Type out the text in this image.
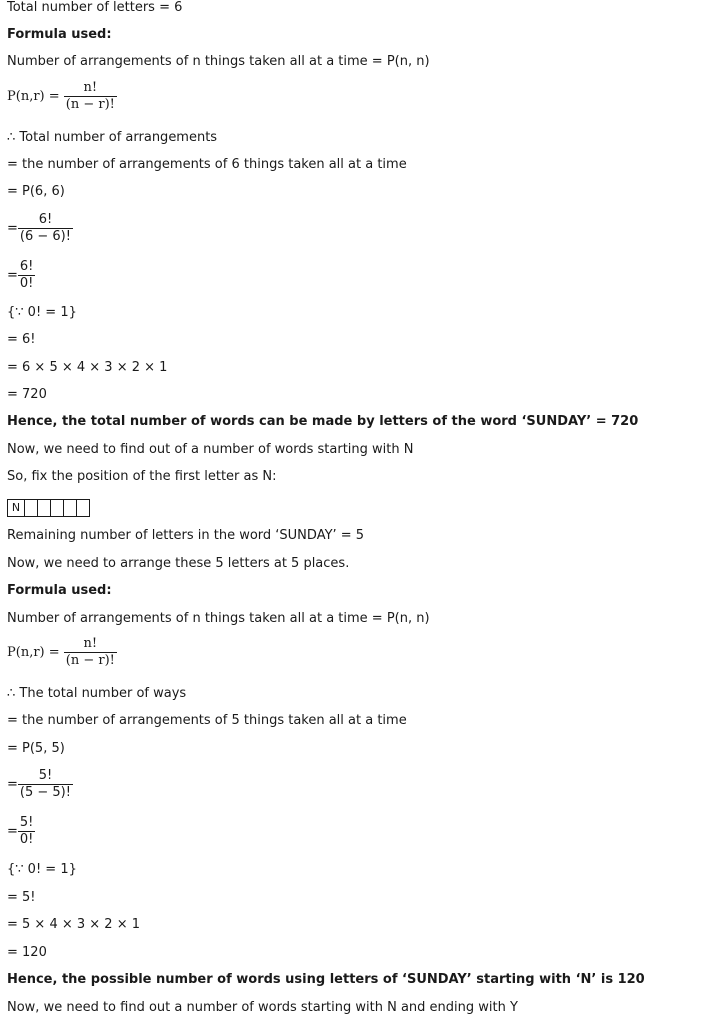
Total number of letters = 6
Formula used:
Number of arrangements of n things taken all at a time = P(n, n)
P(n,r) =
$\frac{n!}{(n - r)!}$
∴ Total number of arrangements
= the number of arrangements of 6 things taken all at a time
= P(6, 6)
= $\frac{6!}{(6 - 6)!}$
= $\frac{6!}{0!}$
{∵ 0! = 1}
= 6!
= 6 × 5 × 4 × 3 × 2 × 1
= 720
Hence, the total number of words can be made by letters of the word ‘SUNDAY’ = 720
Now, we need to find out of a number of words starting with N
So, fix the position of the first letter as N:
N
Remaining number of letters in the word ‘SUNDAY’ = 5
Now, we need to arrange these 5 letters at 5 places.
Formula used:
Number of arrangements of n things taken all at a time = P(n, n)
P(n,r) =
$\frac{n!}{(n - r)!}$
∴ The total number of ways
= the number of arrangements of 5 things taken all at a time
= P(5, 5)
= $\frac{5!}{(5 - 5)!}$
= $\frac{5!}{0!}$
{∵ 0! = 1}
= 5!
= 5 × 4 × 3 × 2 × 1
= 120
Hence, the possible number of words using letters of ‘SUNDAY’ starting with ‘N’ is 120
Now, we need to find out a number of words starting with N and ending with Y
